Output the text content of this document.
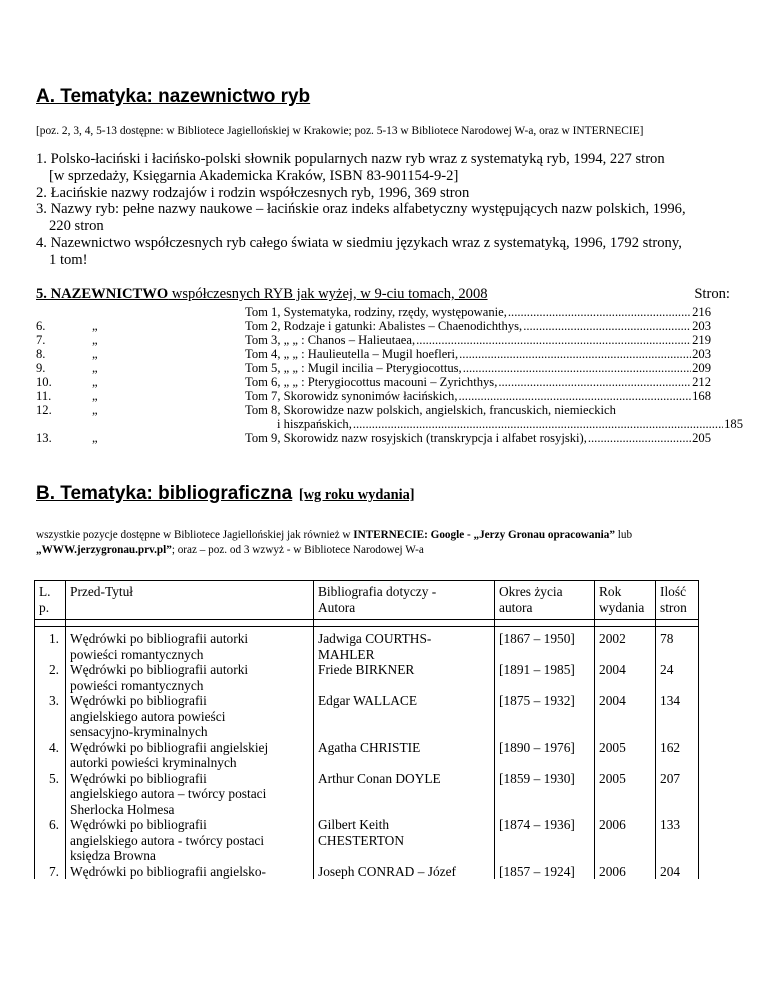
A. Tematyka: nazewnictwo ryb

[poz. 2, 3, 4, 5-13 dostępne: w Bibliotece Jagiellońskiej w Krakowie; poz. 5-13 w Bibliotece Narodowej W-a, oraz w INTERNECIE]

1. Polsko-łaciński i łacińsko-polski słownik popularnych nazw ryb wraz z systematyką ryb, 1994, 227 stron
[w sprzedaży, Księgarnia Akademicka Kraków, ISBN 83-901154-9-2]
2. Łacińskie nazwy rodzajów i rodzin współczesnych ryb, 1996, 369 stron
3. Nazwy ryb: pełne nazwy naukowe – łacińskie oraz indeks alfabetyczny występujących nazw polskich, 1996,
220 stron
4. Nazewnictwo współczesnych ryb całego świata w siedmiu językach wraz z systematyką, 1996, 1792 strony,
1 tom!
5. NAZEWNICTWO współczesnych RYB jak wyżej, w 9-ciu tomach, 2008	Stron:
Tom 1, Systematyka, rodziny, rzędy, występowanie, .....	216
6.	„	Tom 2, Rodzaje i gatunki: Abalistes – Chaenodichthys, .....	203
7.	„	Tom 3, „ „ : Chanos – Halieutaea, .....	219
8.	„	Tom 4, „ „ : Haulieutella – Mugil hoefleri, .....	203
9.	„	Tom 5, „ „ : Mugil incilia – Pterygiocottus, .....	209
10.	„	Tom 6, „ „ : Pterygiocottus macouni – Zyrichthys, .....	212
11.	„	Tom 7, Skorowidz synonimów łacińskich, .....	168
12.	„	Tom 8, Skorowidze nazw polskich, angielskich, francuskich, niemieckich
i hiszpańskich, .....	185
13.	„	Tom 9, Skorowidz nazw rosyjskich (transkrypcja i alfabet rosyjski), .....	205
B. Tematyka: bibliograficzna [wg roku wydania]

wszystkie pozycje dostępne w Bibliotece Jagiellońskiej jak również w INTERNECIE: Google - „Jerzy Gronau opracowania” lub „WWW.jerzygronau.prv.pl”; oraz – poz. od 3 wzwyż - w Bibliotece Narodowej W-a

L.
p.	Przed-Tytuł	Bibliografia dotyczy -
Autora	Okres życia
autora	Rok
wydania	Ilość
stron

1.	Wędrówki po bibliografii autorki
powieści romantycznych	Jadwiga COURTHS-
MAHLER	[1867 – 1950]	2002	78

2.	Wędrówki po bibliografii autorki
powieści romantycznych	Friede BIRKNER	[1891 – 1985]	2004	24

3.	Wędrówki po bibliografii
angielskiego autora powieści
sensacyjno-kryminalnych	Edgar WALLACE	[1875 – 1932]	2004	134

4.	Wędrówki po bibliografii angielskiej
autorki powieści kryminalnych	Agatha CHRISTIE	[1890 – 1976]	2005	162

5.	Wędrówki po bibliografii
angielskiego autora – twórcy postaci
Sherlocka Holmesa	Arthur Conan DOYLE	[1859 – 1930]	2005	207

6.	Wędrówki po bibliografii
angielskiego autora - twórcy postaci
księdza Browna	Gilbert Keith
CHESTERTON	[1874 – 1936]	2006	133

7.	Wędrówki po bibliografii angielsko-	Joseph CONRAD – Józef	[1857 – 1924]	2006	204
